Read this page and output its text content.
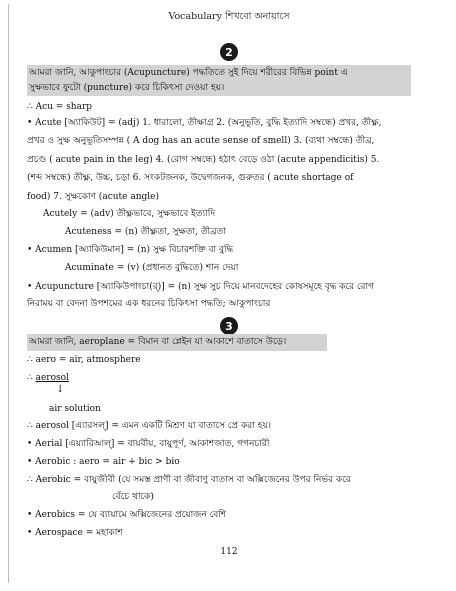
Vocabulary শিখবো অনায়াসে
2
আমরা জানি, আকুপাংচার (Acupuncture) পদ্ধতিতে সুই দিয়ে শরীরের বিভিন্ন point এ
সুক্ষভাবে ফুটো (puncture) করে চিকিৎসা দেওয়া হয়।
∴ Acu = sharp
• Acute [অ্যাকিউট] = (adj) 1. ধারালো, তীক্ষাগ্র 2. (অনুভূতি, বুদ্ধি ইত্যাদি সম্বন্ধে) প্রখর, তীক্ষ্ণ,
প্রখর ও সুক্ষ অনুভূতিসম্পন্ন ( A dog has an acute sense of smell) 3. (ব্যথা সম্বন্ধে) তীব্র,
প্রচণ্ড ( acute pain in the leg) 4. (রোগ সম্বন্ধে) হঠাৎ বেড়ে ওঠা (acute appendicitis) 5.
(শব্দ সম্বন্ধে) তীক্ষ্ণ, উচ্চ, চড়া 6. সংকটজনক, উদ্বেগজনক, গুরুতর ( acute shortage of
food) 7. সুক্ষকোণ (acute angle)
Acutely = (adv) তীক্ষ্ণভাবে, সুক্ষভাবে ইত্যাদি
Acuteness = (n) তীক্ষ্ণতা, সুক্ষতা, তীব্রতা
• Acumen [অ্যাকিউমান] = (n) সুক্ষ বিচারশক্তি বা বুদ্ধি
Acuminate = (v) (প্রধানত বুদ্ধিতে) শান দেয়া
• Acupuncture [অ্যাকিউপাংচা(র্)] = (n) সুক্ষ সুচ দিয়ে মানবদেহের কোষসমূহে বৃদ্ধ করে রোগ
নিরাময় বা বেদনা উপশমের এক ধরনের চিকিৎসা পদ্ধতি; আকুপাংচার
3
আমরা জানি, aeroplane = বিমান বা প্লেইন যা আকাশে বাতাসে উড়ে।
∴ aero = air, atmosphere
∴ aerosol
↓
air solution
∴ aerosol [এ্যারসল্] = এমন একটি মিশ্রণ যা বাতাসে প্রে করা হয়।
• Aerial [এয়্যারিআল্] = বায়বীয়, বায়ুপূর্ণ, আকাশজাত, গগনচারী
• Aerobic : aero = air + bic > bio
∴ Aerobic = বায়ুজীবী (যে সমস্ত প্রাণী বা জীবাণু বাতাস বা অক্সিজেনের উপর নির্ভর করে
বেঁচে থাকে)
• Aerobics = যে ব্যায়ামে অক্সিজেনের প্রয়োজন বেশি
• Aerospace = মহাকাশ
112
